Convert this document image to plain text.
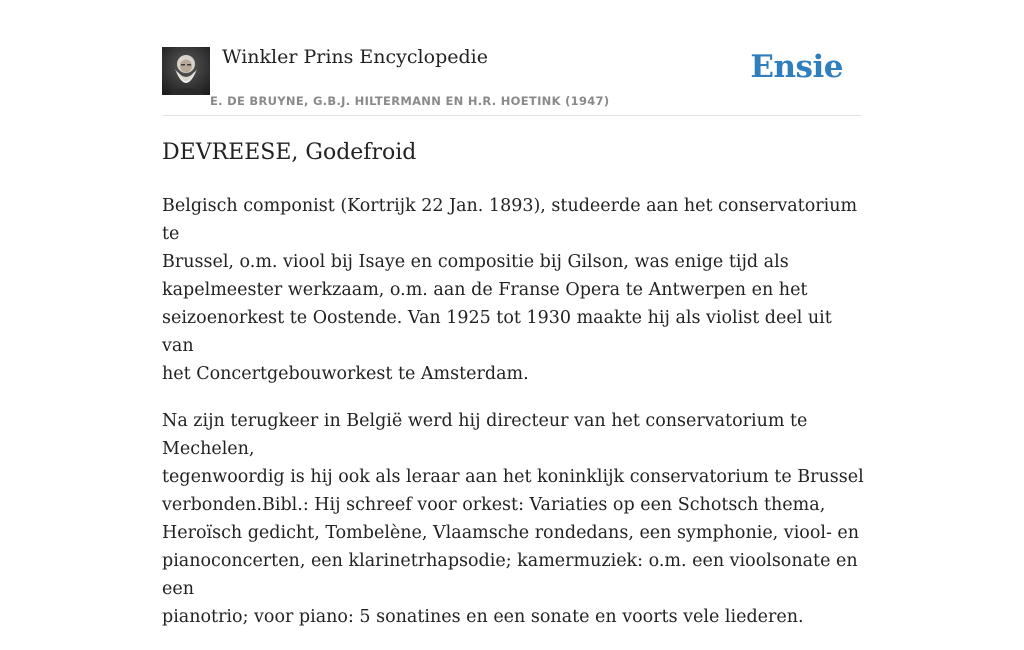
Winkler Prins Encyclopedie
E. DE BRUYNE, G.B.J. HILTERMANN EN H.R. HOETINK (1947)
Ensie
DEVREESE, Godefroid

Belgisch componist (Kortrijk 22 Jan. 1893), studeerde aan het conservatorium te
Brussel, o.m. viool bij Isaye en compositie bij Gilson, was enige tijd als
kapelmeester werkzaam, o.m. aan de Franse Opera te Antwerpen en het
seizoenorkest te Oostende. Van 1925 tot 1930 maakte hij als violist deel uit van
het Concertgebouworkest te Amsterdam.

Na zijn terugkeer in België werd hij directeur van het conservatorium te Mechelen,
tegenwoordig is hij ook als leraar aan het koninklijk conservatorium te Brussel
verbonden.Bibl.: Hij schreef voor orkest: Variaties op een Schotsch thema,
Heroïsch gedicht, Tombelène, Vlaamsche rondedans, een symphonie, viool- en
pianoconcerten, een klarinetrhapsodie; kamermuziek: o.m. een vioolsonate en een
pianotrio; voor piano: 5 sonatines en een sonate en voorts vele liederen.
